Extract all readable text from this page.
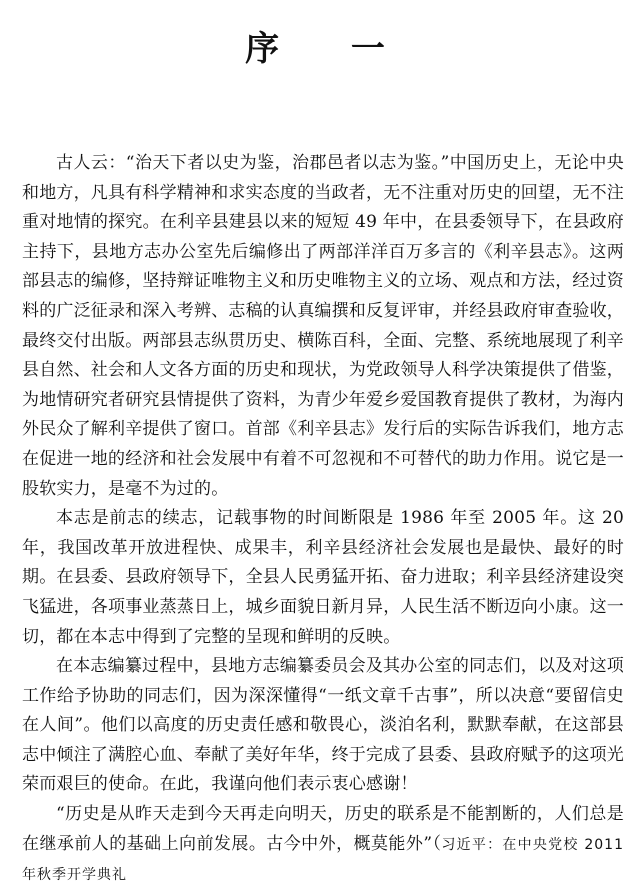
序 一

古人云：“治天下者以史为鉴，治郡邑者以志为鉴。”中国历史上，无论中央和地方，凡具有科学精神和求实态度的当政者，无不注重对历史的回望，无不注重对地情的探究。在利辛县建县以来的短短 49 年中，在县委领导下，在县政府主持下，县地方志办公室先后编修出了两部洋洋百万多言的《利辛县志》。这两部县志的编修，坚持辩证唯物主义和历史唯物主义的立场、观点和方法，经过资料的广泛征录和深入考辨、志稿的认真编撰和反复评审，并经县政府审查验收，最终交付出版。两部县志纵贯历史、横陈百科，全面、完整、系统地展现了利辛县自然、社会和人文各方面的历史和现状，为党政领导人科学决策提供了借鉴，为地情研究者研究县情提供了资料，为青少年爱乡爱国教育提供了教材，为海内外民众了解利辛提供了窗口。首部《利辛县志》发行后的实际告诉我们，地方志在促进一地的经济和社会发展中有着不可忽视和不可替代的助力作用。说它是一股软实力，是毫不为过的。

本志是前志的续志，记载事物的时间断限是 1986 年至 2005 年。这 20 年，我国改革开放进程快、成果丰，利辛县经济社会发展也是最快、最好的时期。在县委、县政府领导下，全县人民勇猛开拓、奋力进取；利辛县经济建设突飞猛进，各项事业蒸蒸日上，城乡面貌日新月异，人民生活不断迈向小康。这一切，都在本志中得到了完整的呈现和鲜明的反映。

在本志编纂过程中，县地方志编纂委员会及其办公室的同志们，以及对这项工作给予协助的同志们，因为深深懂得“一纸文章千古事”，所以决意“要留信史在人间”。他们以高度的历史责任感和敬畏心，淡泊名利，默默奉献，在这部县志中倾注了满腔心血、奉献了美好年华，终于完成了县委、县政府赋予的这项光荣而艰巨的使命。在此，我谨向他们表示衷心感谢！

“历史是从昨天走到今天再走向明天，历史的联系是不能割断的，人们总是在继承前人的基础上向前发展。古今中外，概莫能外”（习近平：在中央党校 2011 年秋季开学典礼
